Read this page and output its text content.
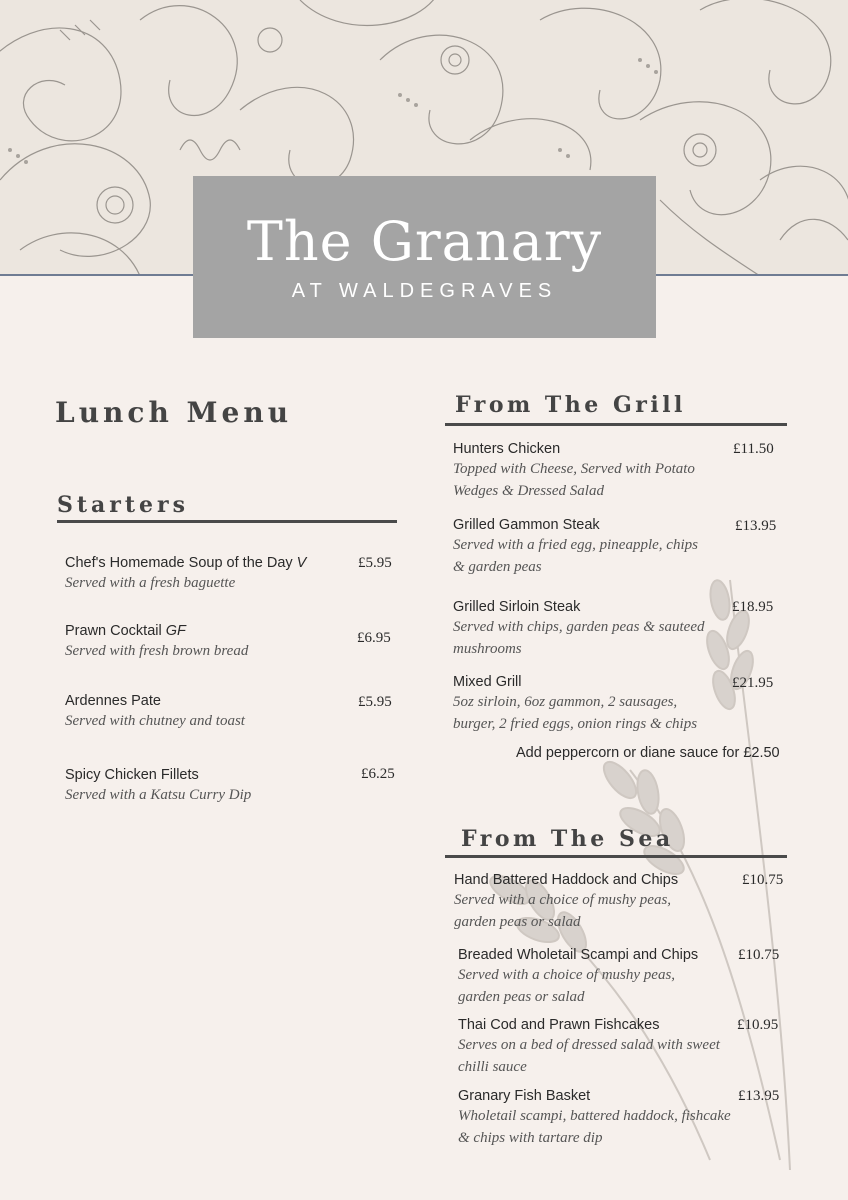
The Granary
AT WALDEGRAVES
Lunch Menu
Starters
Chef's Homemade Soup of the Day V
Served with a fresh baguette
£5.95
Prawn Cocktail GF
Served with fresh brown bread
£6.95
Ardennes Pate
Served with chutney and toast
£5.95
Spicy Chicken Fillets
Served with a Katsu Curry Dip
£6.25
From The Grill
Hunters Chicken
Topped with Cheese, Served with Potato
Wedges & Dressed Salad
£11.50
Grilled Gammon Steak
Served with a fried egg, pineapple, chips
& garden peas
£13.95
Grilled Sirloin Steak
Served with chips, garden peas & sauteed
mushrooms
£18.95
Mixed Grill
5oz sirloin, 6oz gammon, 2 sausages,
burger, 2 fried eggs, onion rings & chips
£21.95
Add peppercorn or diane sauce for £2.50
From The Sea
Hand Battered Haddock and Chips
Served with a choice of mushy peas,
garden peas or salad
£10.75
Breaded Wholetail Scampi and Chips
Served with a choice of mushy peas,
garden peas or salad
£10.75
Thai Cod and Prawn Fishcakes
Serves on a bed of dressed salad with sweet
chilli sauce
£10.95
Granary Fish Basket
Wholetail scampi, battered haddock, fishcake
& chips with tartare dip
£13.95
